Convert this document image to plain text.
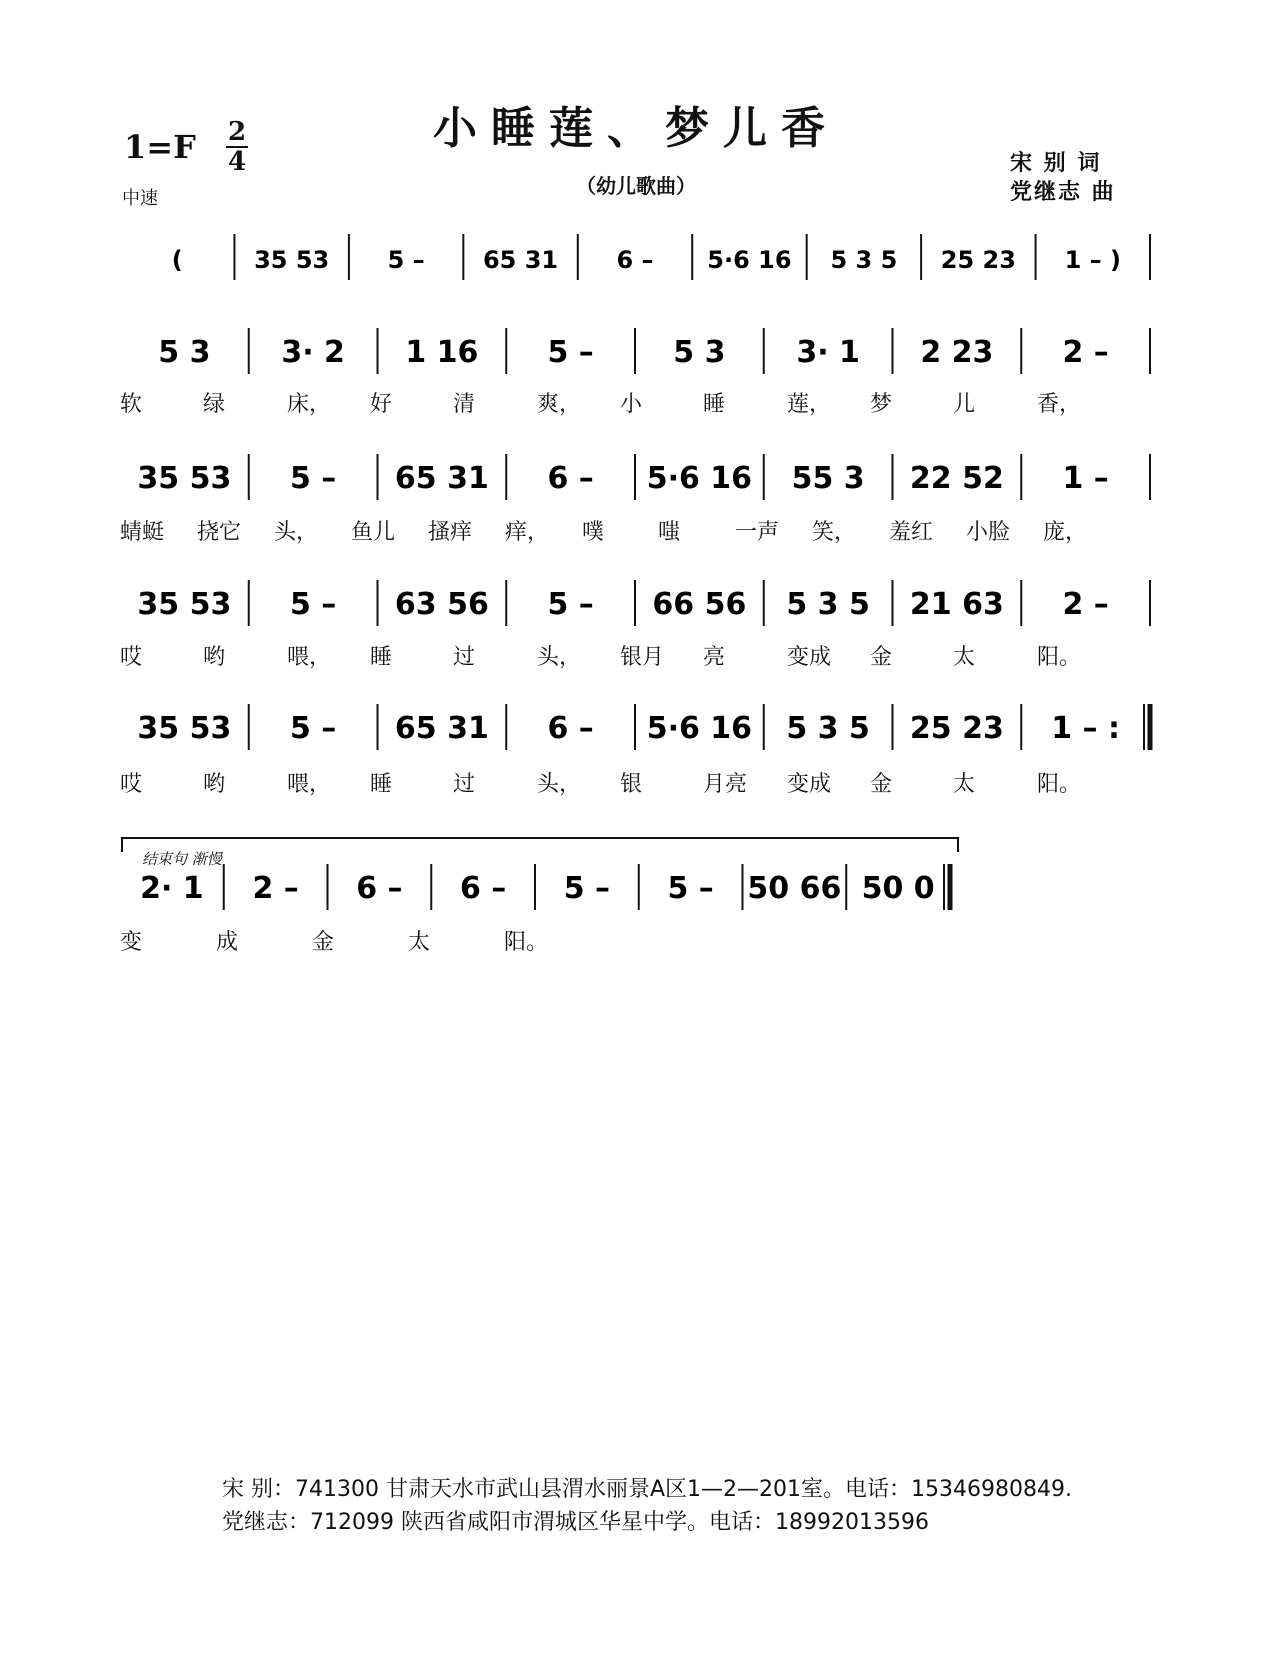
小睡莲、梦儿香
（幼儿歌曲）
1=F 2
4
中速
宋 别 词
党继志 曲
(	35 53 5 – 65 31 6 – 5·6 16 5 3 5 25 23 1 – )
5 3 3· 2 1 16 5 –	5 3 3· 1 2 23 2 –
软	绿	床， 好	清	爽， 小	睡	莲， 梦	儿	香，
35 53 5 – 65 31 6 – 5·6 16 55 3 22 52 1 –
蜻蜓 挠它 头， 鱼儿 搔痒 痒， 噗 嗤 一声 笑， 羞红 小脸 庞，
35 53 5 – 63 56 5 – 66 56 5 3 5 21 63 2 –
哎	哟	喂， 睡	过	头， 银月 亮	变成 金	太	阳。
35 53 5 – 65 31 6 – 5·6 16 5 3 5 25 23 1 – :
哎	哟	喂， 睡	过	头， 银	月亮 变成 金	太	阳。
结束句 渐慢
2· 1 2 – 6 – 6 – 5 – 5 – 50 66 50 0
变	成	金	太	阳。
宋 别：741300 甘肃天水市武山县渭水丽景A区1—2—201室。电话：15346980849.
党继志：712099 陕西省咸阳市渭城区华星中学。电话：18992013596
